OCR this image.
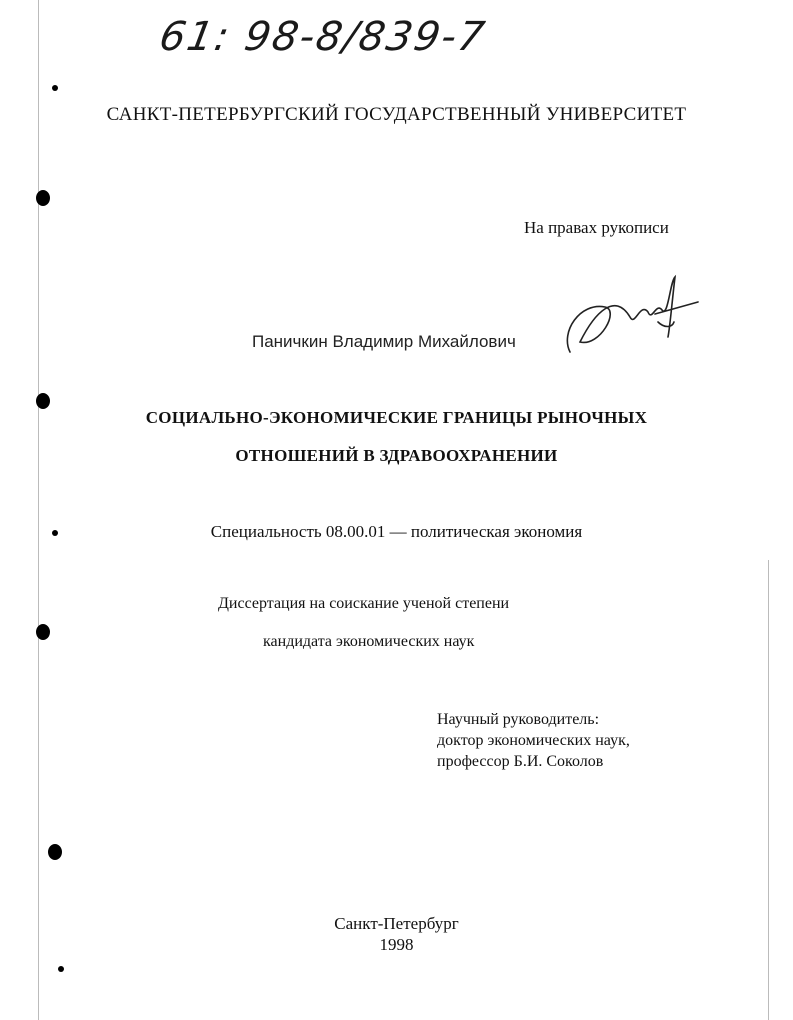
61: 98-8/839-7
САНКТ-ПЕТЕРБУРГСКИЙ ГОСУДАРСТВЕННЫЙ УНИВЕРСИТЕТ
На правах рукописи
Паничкин Владимир Михайлович
СОЦИАЛЬНО-ЭКОНОМИЧЕСКИЕ ГРАНИЦЫ РЫНОЧНЫХ
ОТНОШЕНИЙ В ЗДРАВООХРАНЕНИИ
Специальность 08.00.01 — политическая экономия
Диссертация на соискание ученой степени
кандидата экономических наук
Научный руководитель:
доктор экономических наук,
профессор Б.И. Соколов
Санкт-Петербург
1998
